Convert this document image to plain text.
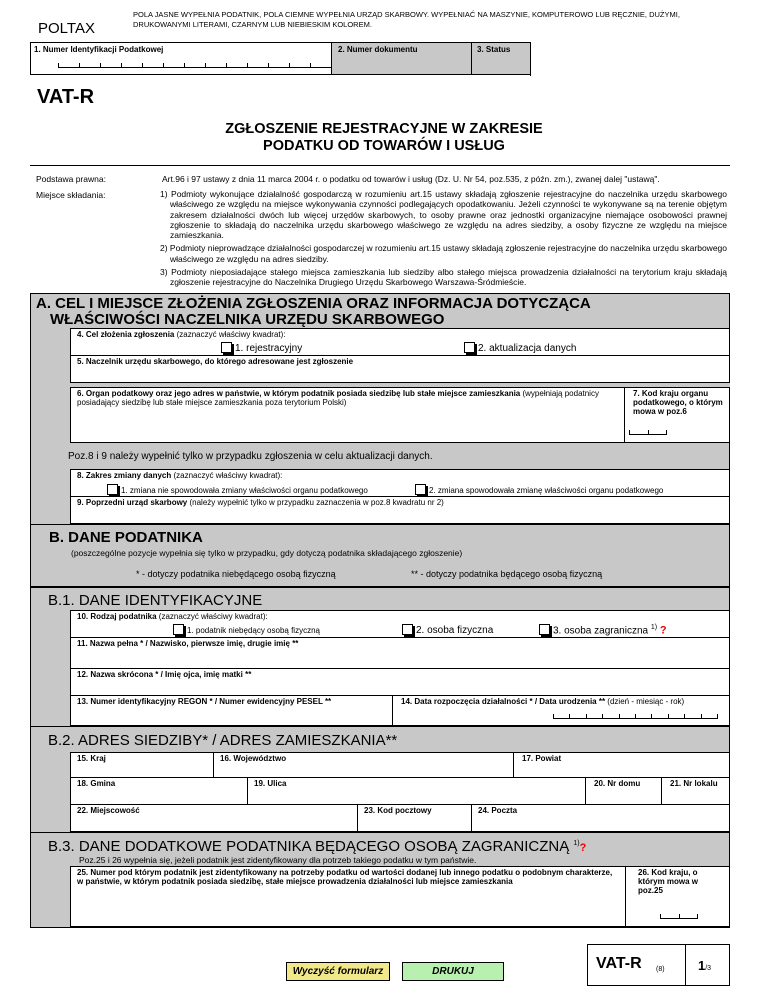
POLTAX
POLA JASNE WYPEŁNIA PODATNIK, POLA CIEMNE WYPEŁNIA URZĄD SKARBOWY. WYPEŁNIAĆ NA MASZYNIE, KOMPUTEROWO LUB RĘCZNIE, DUŻYMI, DRUKOWANYMI LITERAMI, CZARNYM LUB NIEBIESKIM KOLOREM.
1. Numer Identyfikacji Podatkowej	2. Numer dokumentu	3. Status
VAT-R
ZGŁOSZENIE REJESTRACYJNE W ZAKRESIE
PODATKU OD TOWARÓW I USŁUG
Podstawa prawna:	Art.96 i 97 ustawy z dnia 11 marca 2004 r. o podatku od towarów i usług (Dz. U. Nr 54, poz.535, z późn. zm.), zwanej dalej "ustawą".
Miejsce składania:	1) Podmioty wykonujące działalność gospodarczą w rozumieniu art.15 ustawy składają zgłoszenie rejestracyjne do naczelnika urzędu skarbowego właściwego ze względu na miejsce wykonywania czynności podlegających opodatkowaniu. Jeżeli czynności te wykonywane są na terenie objętym zakresem działalności dwóch lub więcej urzędów skarbowych, to osoby prawne oraz jednostki organizacyjne niemające osobowości prawnej zgłoszenie to składają do naczelnika urzędu skarbowego właściwego ze względu na adres siedziby, a osoby fizyczne ze względu na miejsce zamieszkania.
2) Podmioty nieprowadzące działalności gospodarczej w rozumieniu art.15 ustawy składają zgłoszenie rejestracyjne do naczelnika urzędu skarbowego właściwego ze względu na adres siedziby.
3) Podmioty nieposiadające stałego miejsca zamieszkania lub siedziby albo stałego miejsca prowadzenia działalności na terytorium kraju składają zgłoszenie rejestracyjne do Naczelnika Drugiego Urzędu Skarbowego Warszawa-Śródmieście.
A. CEL I MIEJSCE ZŁOŻENIA ZGŁOSZENIA ORAZ INFORMACJA DOTYCZĄCA
WŁAŚCIWOŚCI NACZELNIKA URZĘDU SKARBOWEGO
4. Cel złożenia zgłoszenia (zaznaczyć właściwy kwadrat):
1. rejestracyjny	2. aktualizacja danych
5. Naczelnik urzędu skarbowego, do którego adresowane jest zgłoszenie
6. Organ podatkowy oraz jego adres w państwie, w którym podatnik posiada siedzibę lub stałe miejsce zamieszkania (wypełniają podatnicy posiadający siedzibę lub stałe miejsce zamieszkania poza terytorium Polski)
7. Kod kraju organu podatkowego, o którym mowa w poz.6
Poz.8 i 9 należy wypełnić tylko w przypadku zgłoszenia w celu aktualizacji danych.
8. Zakres zmiany danych (zaznaczyć właściwy kwadrat):
1. zmiana nie spowodowała zmiany właściwości organu podatkowego	2. zmiana spowodowała zmianę właściwości organu podatkowego
9. Poprzedni urząd skarbowy (należy wypełnić tylko w przypadku zaznaczenia w poz.8 kwadratu nr 2)
B. DANE PODATNIKA
(poszczególne pozycje wypełnia się tylko w przypadku, gdy dotyczą podatnika składającego zgłoszenie)
* - dotyczy podatnika niebędącego osobą fizyczną	** - dotyczy podatnika będącego osobą fizyczną
B.1. DANE IDENTYFIKACYJNE
10. Rodzaj podatnika (zaznaczyć właściwy kwadrat):
1. podatnik niebędący osobą fizyczną	2. osoba fizyczna	3. osoba zagraniczna $^{1)}$ ?
11. Nazwa pełna * / Nazwisko, pierwsze imię, drugie imię **
12. Nazwa skrócona * / Imię ojca, imię matki **
13. Numer identyfikacyjny REGON * / Numer ewidencyjny PESEL **	14. Data rozpoczęcia działalności * / Data urodzenia ** (dzień - miesiąc - rok)
B.2. ADRES SIEDZIBY* / ADRES ZAMIESZKANIA**
15. Kraj	16. Województwo	17. Powiat
18. Gmina	19. Ulica	20. Nr domu	21. Nr lokalu
22. Miejscowość	23. Kod pocztowy	24. Poczta
B.3. DANE DODATKOWE PODATNIKA BĘDĄCEGO OSOBĄ ZAGRANICZNĄ $^{1)}$?
Poz.25 i 26 wypełnia się, jeżeli podatnik jest zidentyfikowany dla potrzeb takiego podatku w tym państwie.
25. Numer pod którym podatnik jest zidentyfikowany na potrzeby podatku od wartości dodanej lub innego podatku o podobnym charakterze, w państwie, w którym podatnik posiada siedzibę, stałe miejsce prowadzenia działalności lub miejsce zamieszkania
26. Kod kraju, o którym mowa w poz.25
Wyczyść formularz	DRUKUJ	VAT-R (8)	1/3
